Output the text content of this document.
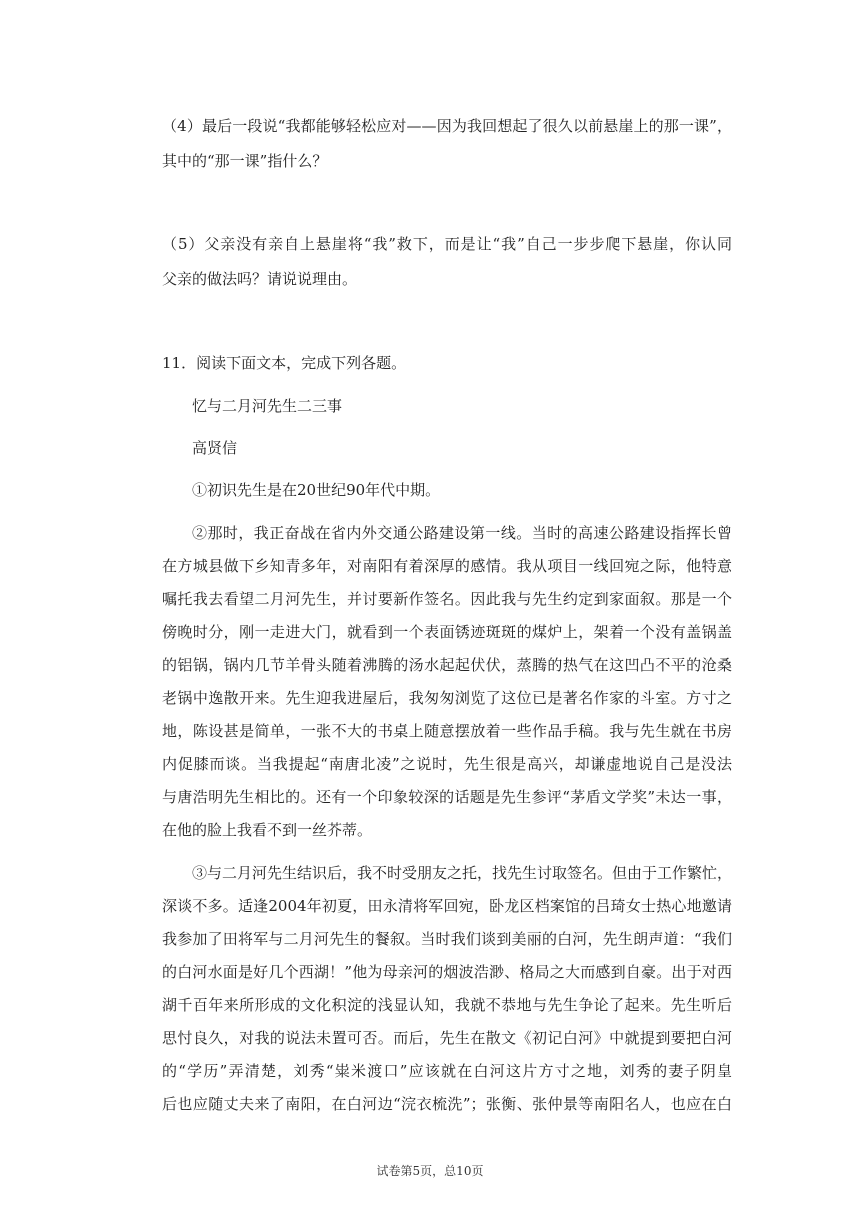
（4）最后一段说“我都能够轻松应对——因为我回想起了很久以前悬崖上的那一课”，
其中的“那一课”指什么？
（5）父亲没有亲自上悬崖将“我”救下，而是让“我”自己一步步爬下悬崖，你认同
父亲的做法吗？请说说理由。
11．阅读下面文本，完成下列各题。
忆与二月河先生二三事
高贤信
①初识先生是在20世纪90年代中期。
②那时，我正奋战在省内外交通公路建设第一线。当时的高速公路建设指挥长曾
在方城县做下乡知青多年，对南阳有着深厚的感情。我从项目一线回宛之际，他特意
嘱托我去看望二月河先生，并讨要新作签名。因此我与先生约定到家面叙。那是一个
傍晚时分，刚一走进大门，就看到一个表面锈迹斑斑的煤炉上，架着一个没有盖锅盖
的铝锅，锅内几节羊骨头随着沸腾的汤水起起伏伏，蒸腾的热气在这凹凸不平的沧桑
老锅中逸散开来。先生迎我进屋后，我匆匆浏览了这位已是著名作家的斗室。方寸之
地，陈设甚是简单，一张不大的书桌上随意摆放着一些作品手稿。我与先生就在书房
内促膝而谈。当我提起“南唐北凌”之说时，先生很是高兴，却谦虚地说自己是没法
与唐浩明先生相比的。还有一个印象较深的话题是先生参评“茅盾文学奖”未达一事，
在他的脸上我看不到一丝芥蒂。
③与二月河先生结识后，我不时受朋友之托，找先生讨取签名。但由于工作繁忙，
深谈不多。适逢2004年初夏，田永清将军回宛，卧龙区档案馆的吕琦女士热心地邀请
我参加了田将军与二月河先生的餐叙。当时我们谈到美丽的白河，先生朗声道：“我们
的白河水面是好几个西湖！”他为母亲河的烟波浩渺、格局之大而感到自豪。出于对西
湖千百年来所形成的文化积淀的浅显认知，我就不恭地与先生争论了起来。先生听后
思忖良久，对我的说法未置可否。而后，先生在散文《初记白河》中就提到要把白河
的“学历”弄清楚，刘秀“粜米渡口”应该就在白河这片方寸之地，刘秀的妻子阴皇
后也应随丈夫来了南阳，在白河边“浣衣梳洗”；张衡、张仲景等南阳名人，也应在白
试卷第5页，总10页
